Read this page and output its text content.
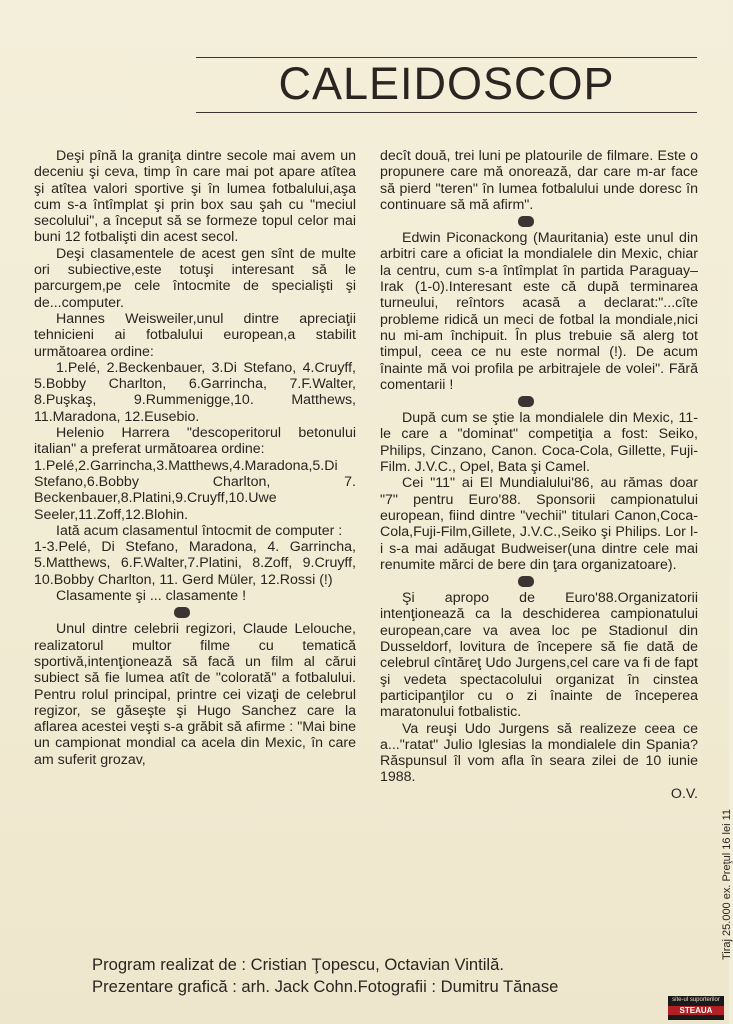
CALEIDOSCOP

Deşi pînă la graniţa dintre secole mai avem un deceniu şi ceva, timp în care mai pot apare atîtea şi atîtea valori sportive şi în lumea fotbalului,aşa cum s-a întîmplat şi prin box sau şah cu "meciul secolului", a început să se formeze topul celor mai buni 12 fotbalişti din acest secol.

Deşi clasamentele de acest gen sînt de multe ori subiective,este totuşi interesant să le parcurgem,pe cele întocmite de specialişti şi de...computer.

Hannes Weisweiler,unul dintre apreciaţii tehnicieni ai fotbalului european,a stabilit următoarea ordine:

1.Pelé, 2.Beckenbauer, 3.Di Stefano, 4.Cruyff, 5.Bobby Charlton, 6.Garrincha, 7.F.Walter, 8.Puşkaş, 9.Rummenigge,10. Matthews, 11.Maradona, 12.Eusebio.

Helenio Harrera "descoperitorul betonului italian" a preferat următoarea ordine:

1.Pelé,2.Garrincha,3.Matthews,4.Maradona,5.Di Stefano,6.Bobby Charlton, 7. Beckenbauer,8.Platini,9.Cruyff,10.Uwe Seeler,11.Zoff,12.Blohin.

Iată acum clasamentul întocmit de computer :

1-3.Pelé, Di Stefano, Maradona, 4. Garrincha, 5.Matthews, 6.F.Walter,7.Platini, 8.Zoff, 9.Cruyff, 10.Bobby Charlton, 11. Gerd Müler, 12.Rossi (!)

Clasamente şi ... clasamente !

Unul dintre celebrii regizori, Claude Lelouche, realizatorul multor filme cu tematică sportivă,intenţionează să facă un film al cărui subiect să fie lumea atît de "colorată" a fotbalului. Pentru rolul principal, printre cei vizaţi de celebrul regizor, se găseşte şi Hugo Sanchez care la aflarea acestei veşti s-a grăbit să afirme : "Mai bine un campionat mondial ca acela din Mexic, în care am suferit grozav,

decît două, trei luni pe platourile de filmare. Este o propunere care mă onorează, dar care m-ar face să pierd "teren" în lumea fotbalului unde doresc în continuare să mă afirm".

Edwin Piconackong (Mauritania) este unul din arbitri care a oficiat la mondialele din Mexic, chiar la centru, cum s-a întîmplat în partida Paraguay–Irak (1-0).Interesant este că după terminarea turneului, reîntors acasă a declarat:"...cîte probleme ridică un meci de fotbal la mondiale,nici nu mi-am închipuit. În plus trebuie să alerg tot timpul, ceea ce nu este normal (!). De acum înainte mă voi profila pe arbitrajele de volei". Fără comentarii !

După cum se ştie la mondialele din Mexic, 11-le care a "dominat" competiţia a fost: Seiko, Philips, Cinzano, Canon. Coca-Cola, Gillette, Fuji-Film. J.V.C., Opel, Bata şi Camel.

Cei "11" ai El Mundialului'86, au rămas doar "7" pentru Euro'88. Sponsorii campionatului european, fiind dintre "vechii" titulari Canon,Coca-Cola,Fuji-Film,Gillete, J.V.C.,Seiko şi Philips. Lor l-i s-a mai adăugat Budweiser(una dintre cele mai renumite mărci de bere din ţara organizatoare).

Şi apropo de Euro'88.Organizatorii intenţionează ca la deschiderea campionatului european,care va avea loc pe Stadionul din Dusseldorf, lovitura de începere să fie dată de celebrul cîntăreţ Udo Jurgens,cel care va fi de fapt şi vedeta spectacolului organizat în cinstea participanţilor cu o zi înainte de începerea maratonului fotbalistic.

Va reuşi Udo Jurgens să realizeze ceea ce a..."ratat" Julio Iglesias la mondialele din Spania? Răspunsul îl vom afla în seara zilei de 10 iunie 1988.

O.V.

Program realizat de : Cristian Ţopescu, Octavian Vintilă.
Prezentare grafică : arh. Jack Cohn.Fotografii : Dumitru Tănase
Tiraj 25.000 ex. Preţul 16 lei 11
site-ul suporterilor
STEAUA
